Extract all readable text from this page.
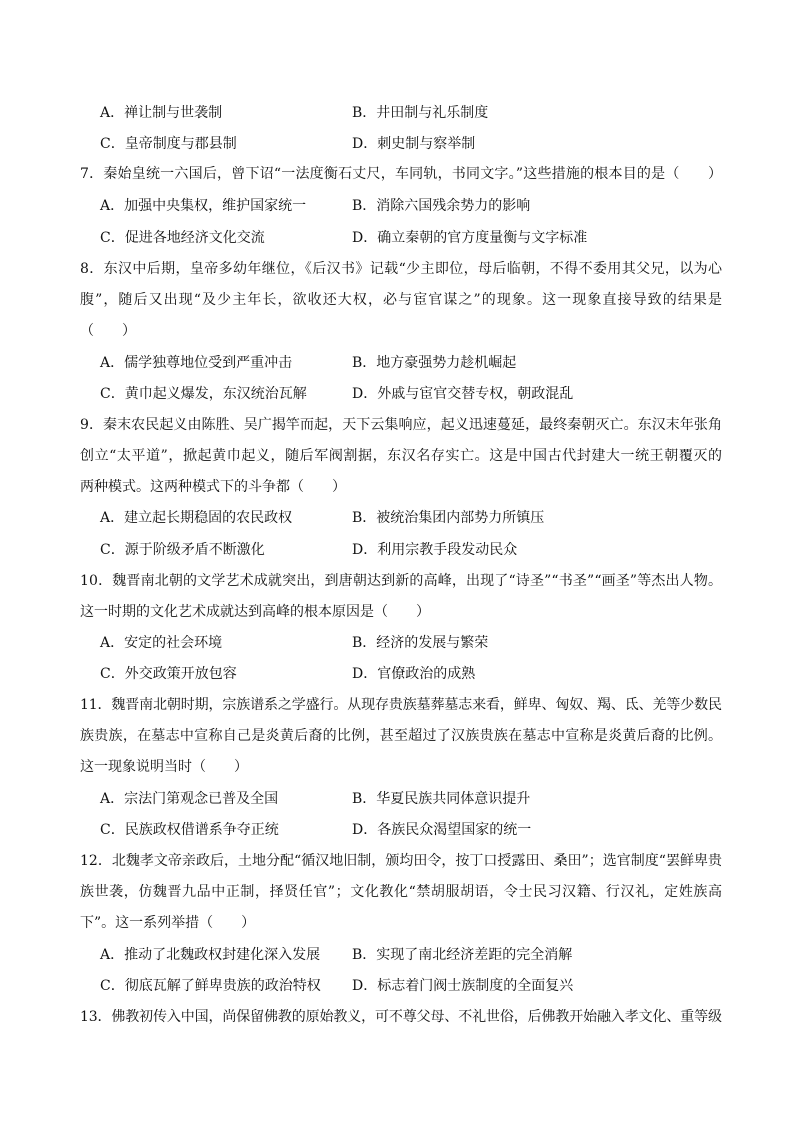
A．禅让制与世袭制	B．井田制与礼乐制度
C．皇帝制度与郡县制	D．刺史制与察举制
7．秦始皇统一六国后，曾下诏“一法度衡石丈尺，车同轨，书同文字。”这些措施的根本目的是（　　）
A．加强中央集权，维护国家统一	B．消除六国残余势力的影响
C．促进各地经济文化交流	D．确立秦朝的官方度量衡与文字标准
8．东汉中后期，皇帝多幼年继位，《后汉书》记载“少主即位，母后临朝，不得不委用其父兄，以为心
腹”，随后又出现“及少主年长，欲收还大权，必与宦官谋之”的现象。这一现象直接导致的结果是
（　　）
A．儒学独尊地位受到严重冲击	B．地方豪强势力趁机崛起
C．黄巾起义爆发，东汉统治瓦解	D．外戚与宦官交替专权，朝政混乱
9．秦末农民起义由陈胜、吴广揭竿而起，天下云集响应，起义迅速蔓延，最终秦朝灭亡。东汉末年张角
创立“太平道”，掀起黄巾起义，随后军阀割据，东汉名存实亡。这是中国古代封建大一统王朝覆灭的
两种模式。这两种模式下的斗争都（　　）
A．建立起长期稳固的农民政权	B．被统治集团内部势力所镇压
C．源于阶级矛盾不断激化	D．利用宗教手段发动民众
10．魏晋南北朝的文学艺术成就突出，到唐朝达到新的高峰，出现了“诗圣”“书圣”“画圣”等杰出人物。
这一时期的文化艺术成就达到高峰的根本原因是（　　）
A．安定的社会环境	B．经济的发展与繁荣
C．外交政策开放包容	D．官僚政治的成熟
11．魏晋南北朝时期，宗族谱系之学盛行。从现存贵族墓葬墓志来看，鲜卑、匈奴、羯、氐、羌等少数民
族贵族，在墓志中宣称自己是炎黄后裔的比例，甚至超过了汉族贵族在墓志中宣称是炎黄后裔的比例。
这一现象说明当时（　　）
A．宗法门第观念已普及全国	B．华夏民族共同体意识提升
C．民族政权借谱系争夺正统	D．各族民众渴望国家的统一
12．北魏孝文帝亲政后，土地分配“循汉地旧制，颁均田令，按丁口授露田、桑田”；选官制度“罢鲜卑贵
族世袭，仿魏晋九品中正制，择贤任官”；文化教化“禁胡服胡语，令士民习汉籍、行汉礼，定姓族高
下”。这一系列举措（　　）
A．推动了北魏政权封建化深入发展 B．实现了南北经济差距的完全消解
C．彻底瓦解了鲜卑贵族的政治特权 D．标志着门阀士族制度的全面复兴
13．佛教初传入中国，尚保留佛教的原始教义，可不尊父母、不礼世俗，后佛教开始融入孝文化、重等级
